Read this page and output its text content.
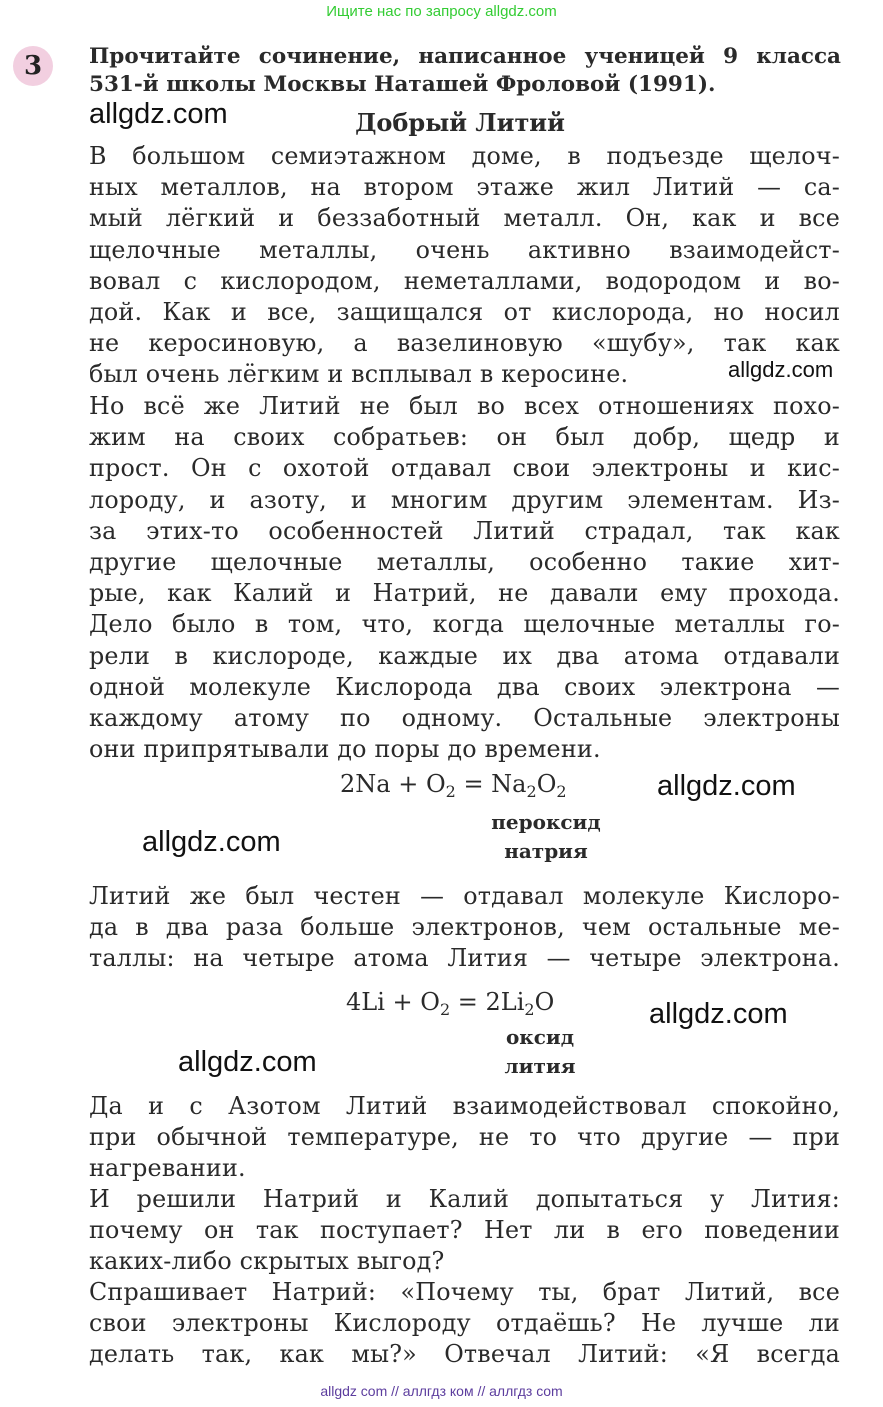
Ищите нас по запросу allgdz.com
3	Прочитайте сочинение, написанное ученицей 9 класса
531-й школы Москвы Наташей Фроловой (1991).
allgdz.com	Добрый Литий
В большом семиэтажном доме, в подъезде щелоч-
ных металлов, на втором этаже жил Литий — са-
мый лёгкий и беззаботный металл. Он, как и все
щелочные металлы, очень активно взаимодейст-
вовал с кислородом, неметаллами, водородом и во-
дой. Как и все, защищался от кислорода, но носил
не керосиновую, а вазелиновую «шубу», так как
был очень лёгким и всплывал в керосине.	allgdz.com
Но всё же Литий не был во всех отношениях похо-
жим на своих собратьев: он был добр, щедр и
прост. Он с охотой отдавал свои электроны и кис-
лороду, и азоту, и многим другим элементам. Из-
за этих-то особенностей Литий страдал, так как
другие щелочные металлы, особенно такие хит-
рые, как Калий и Натрий, не давали ему прохода.
Дело было в том, что, когда щелочные металлы го-
рели в кислороде, каждые их два атома отдавали
одной молекуле Кислорода два своих электрона —
каждому атому по одному. Остальные электроны
они припрятывали до поры до времени.
$2Na + O_2 = Na_2O_2$
пероксид
натрия
allgdz.com
allgdz.com
Литий же был честен — отдавал молекуле Кислоро-
да в два раза больше электронов, чем остальные ме-
таллы: на четыре атома Лития — четыре электрона.
$4Li + O_2 = 2Li_2O$
оксид
лития
allgdz.com
allgdz.com
Да и с Азотом Литий взаимодействовал спокойно,
при обычной температуре, не то что другие — при
нагревании.
И решили Натрий и Калий допытаться у Лития:
почему он так поступает? Нет ли в его поведении
каких-либо скрытых выгод?
Спрашивает Натрий: «Почему ты, брат Литий, все
свои электроны Кислороду отдаёшь? Не лучше ли
делать так, как мы?» Отвечал Литий: «Я всегда
allgdz com // аллгдз ком // аллгдз com
